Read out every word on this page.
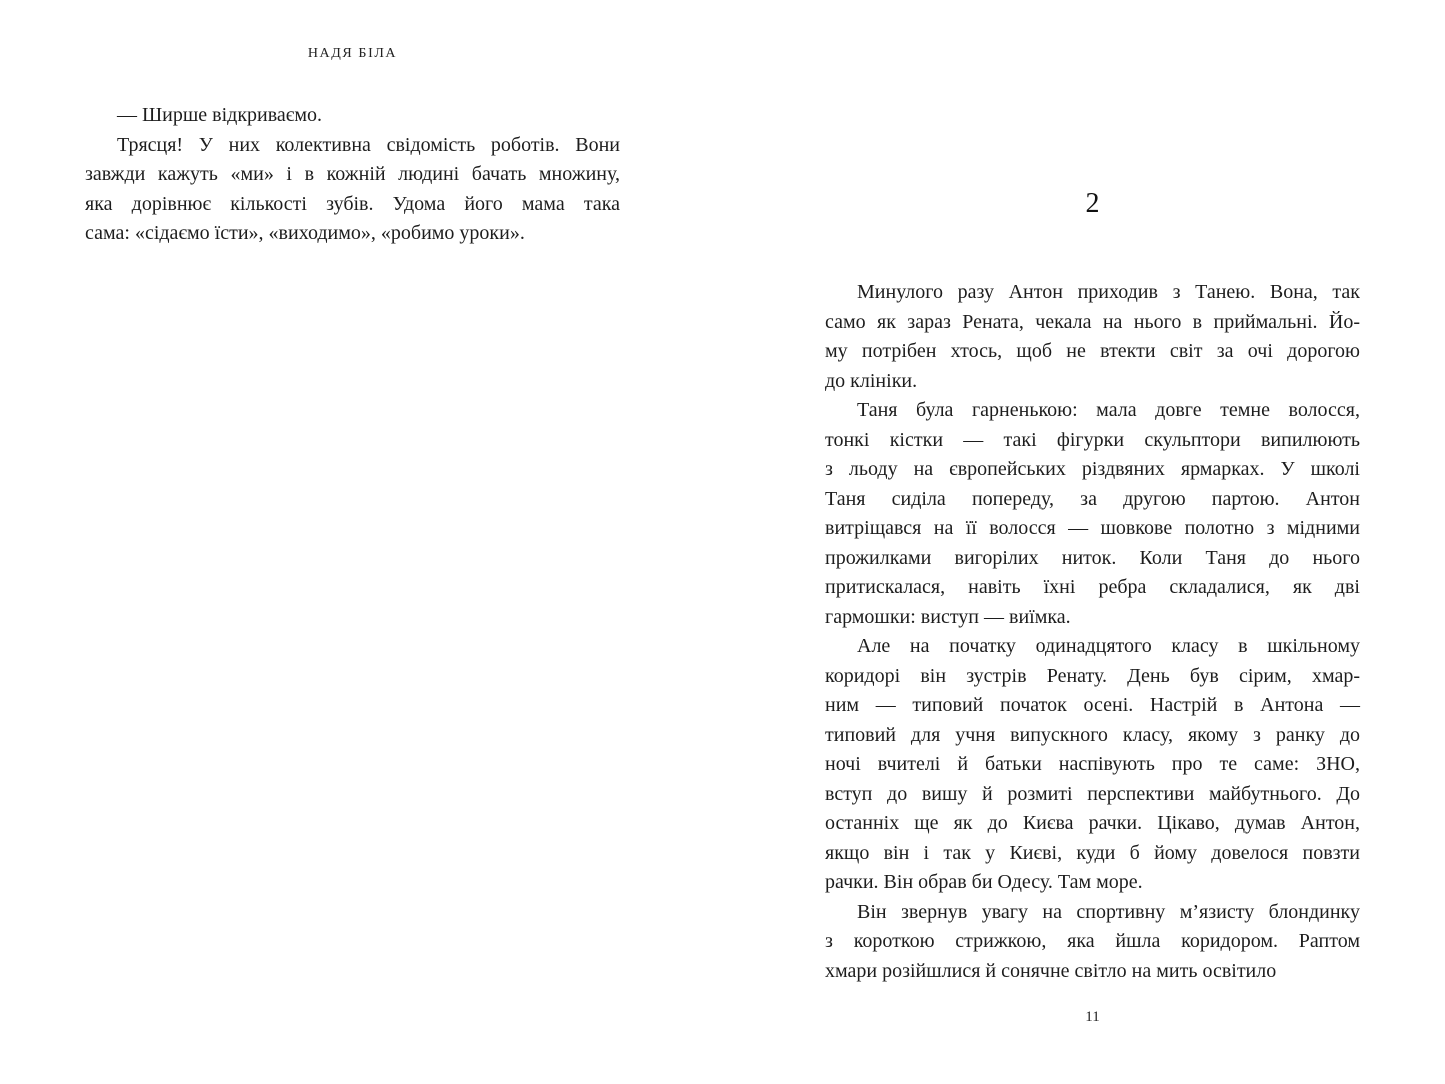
НАДЯ БІЛА

— Ширше відкриваємо.

Трясця! У них колективна свідомість роботів. Вони
завжди кажуть «ми» і в кожній людині бачать множину,
яка дорівнює кількості зубів. Удома його мама така
сама: «сідаємо їсти», «виходимо», «робимо уроки».

2

Минулого разу Антон приходив з Танею. Вона, так
само як зараз Рената, чекала на нього в приймальні. Йо-
му потрібен хтось, щоб не втекти світ за очі дорогою
до клініки.

Таня була гарненькою: мала довге темне волосся,
тонкі кістки — такі фігурки скульптори випилюють
з льоду на європейських різдвяних ярмарках. У школі
Таня сиділа попереду, за другою партою. Антон
витріщався на її волосся — шовкове полотно з мідними
прожилками вигорілих ниток. Коли Таня до нього
притискалася, навіть їхні ребра складалися, як дві
гармошки: виступ — виїмка.

Але на початку одинадцятого класу в шкільному
коридорі він зустрів Ренату. День був сірим, хмар-
ним — типовий початок осені. Настрій в Антона —
типовий для учня випускного класу, якому з ранку до
ночі вчителі й батьки наспівують про те саме: ЗНО,
вступ до вишу й розмиті перспективи майбутнього. До
останніх ще як до Києва рачки. Цікаво, думав Антон,
якщо він і так у Києві, куди б йому довелося повзти
рачки. Він обрав би Одесу. Там море.

Він звернув увагу на спортивну м’язисту блондинку
з короткою стрижкою, яка йшла коридором. Раптом
хмари розійшлися й сонячне світло на мить освітило

11
